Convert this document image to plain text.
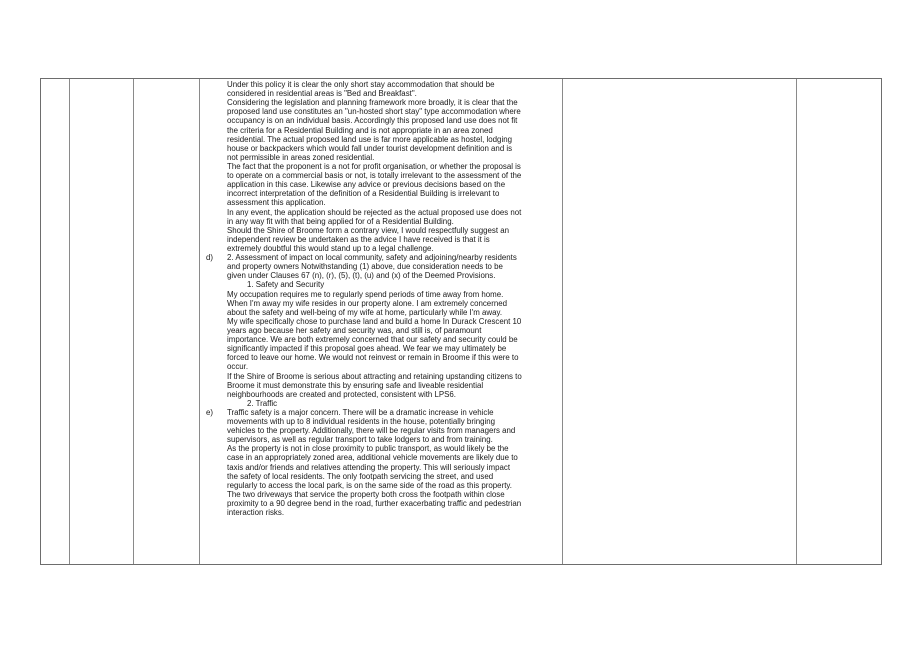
Under this policy it is clear the only short stay accommodation that should be
considered in residential areas is "Bed and Breakfast".
Considering the legislation and planning framework more broadly, it is clear that the
proposed land use constitutes an "un-hosted short stay" type accommodation where
occupancy is on an individual basis. Accordingly this proposed land use does not fit
the criteria for a Residential Building and is not appropriate in an area zoned
residential. The actual proposed land use is far more applicable as hostel, lodging
house or backpackers which would fall under tourist development definition and is
not permissible in areas zoned residential.
The fact that the proponent is a not for profit organisation, or whether the proposal is
to operate on a commercial basis or not, is totally irrelevant to the assessment of the
application in this case. Likewise any advice or previous decisions based on the
incorrect interpretation of the definition of a Residential Building is irrelevant to
assessment this application.
In any event, the application should be rejected as the actual proposed use does not
in any way fit with that being applied for of a Residential Building.
Should the Shire of Broome form a contrary view, I would respectfully suggest an
independent review be undertaken as the advice I have received is that it is
extremely doubtful this would stand up to a legal challenge.
d) 2. Assessment of impact on local community, safety and adjoining/nearby residents
and property owners Notwithstanding (1) above, due consideration needs to be
given under Clauses 67 (n), (r), (5), (t), (u) and (x) of the Deemed Provisions.
1. Safety and Security
My occupation requires me to regularly spend periods of time away from home.
When I'm away my wife resides in our property alone. I am extremely concerned
about the safety and well-being of my wife at home, particularly while I'm away.
My wife specifically chose to purchase land and build a home In Durack Crescent 10
years ago because her safety and security was, and still is, of paramount
importance. We are both extremely concerned that our safety and security could be
significantly impacted if this proposal goes ahead. We fear we may ultimately be
forced to leave our home. We would not reinvest or remain in Broome if this were to
occur.
If the Shire of Broome is serious about attracting and retaining upstanding citizens to
Broome it must demonstrate this by ensuring safe and liveable residential
neighbourhoods are created and protected, consistent with LPS6.
2. Traffic
e) Traffic safety is a major concern. There will be a dramatic increase in vehicle
movements with up to 8 individual residents in the house, potentially bringing
vehicles to the property. Additionally, there will be regular visits from managers and
supervisors, as well as regular transport to take lodgers to and from training.
As the property is not in close proximity to public transport, as would likely be the
case in an appropriately zoned area, additional vehicle movements are likely due to
taxis and/or friends and relatives attending the property. This will seriously impact
the safety of local residents. The only footpath servicing the street, and used
regularly to access the local park, is on the same side of the road as this property.
The two driveways that service the property both cross the footpath within close
proximity to a 90 degree bend in the road, further exacerbating traffic and pedestrian
interaction risks.
